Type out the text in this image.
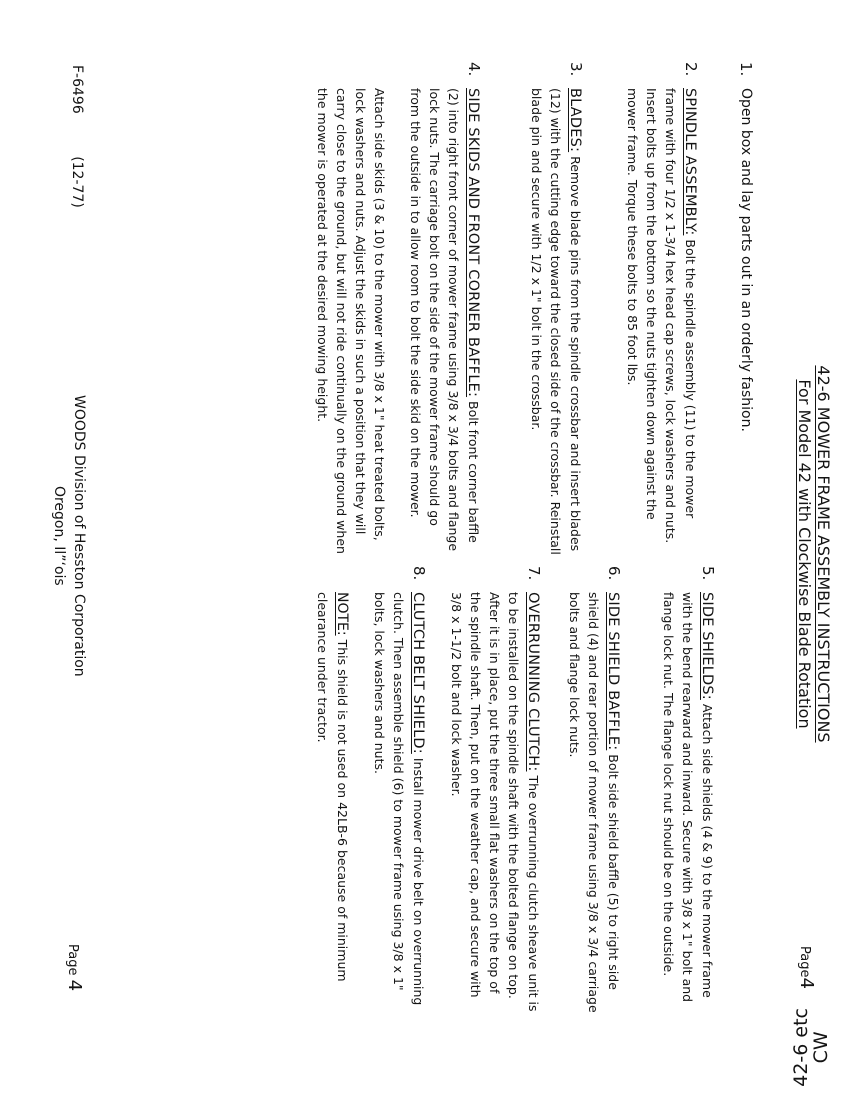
42-6 MOWER FRAME ASSEMBLY INSTRUCTIONS
For Model 42 with Clockwise Blade Rotation
Page4
42-6 etc
CW
1.
Open box and lay parts out in an orderly fashion.
2.
SPINDLE ASSEMBLY: Bolt the spindle assembly (11) to the mower frame with four 1/2 x 1-3/4 hex head cap screws, lock washers and nuts. Insert bolts up from the bottom so the nuts tighten down against the mower frame. Torque these bolts to 85 foot lbs.
3.
BLADES: Remove blade pins from the spindle crossbar and insert blades (12) with the cutting edge toward the closed side of the crossbar. Reinstall blade pin and secure with 1/2 x 1" bolt in the crossbar.
4.
SIDE SKIDS AND FRONT CORNER BAFFLE: Bolt front corner baffle (2) into right front corner of mower frame using 3/8 x 3/4 bolts and flange lock nuts. The carriage bolt on the side of the mower frame should go from the outside in to allow room to bolt the side skid on the mower.
Attach side skids (3 & 10) to the mower with 3/8 x 1" heat treated bolts, lock washers and nuts. Adjust the skids in such a position that they will carry close to the ground, but will not ride continually on the ground when the mower is operated at the desired mowing height.
5.
SIDE SHIELDS: Attach side shields (4 & 9) to the mower frame with the bend rearward and inward. Secure with 3/8 x 1" bolt and flange lock nut. The flange lock nut should be on the outside.
6.
SIDE SHIELD BAFFLE: Bolt side shield baffle (5) to right side shield (4) and rear portion of mower frame using 3/8 x 3/4 carriage bolts and flange lock nuts.
7.
OVERRUNNING CLUTCH: The overrunning clutch sheave unit is to be installed on the spindle shaft with the bolted flange on top. After it is in place, put the three small flat washers on the top of the spindle shaft. Then, put on the weather cap, and secure with 3/8 x 1-1/2 bolt and lock washer.
8.
CLUTCH BELT SHIELD: Install mower drive belt on overrunning clutch. Then assemble shield (6) to mower frame using 3/8 x 1" bolts, lock washers and nuts.
NOTE: This shield is not used on 42LB-6 because of minimum clearance under tractor.
F-6496 (12-77)
WOODS Division of Hesston Corporation
Oregon, Il”‘ois
Page 4
